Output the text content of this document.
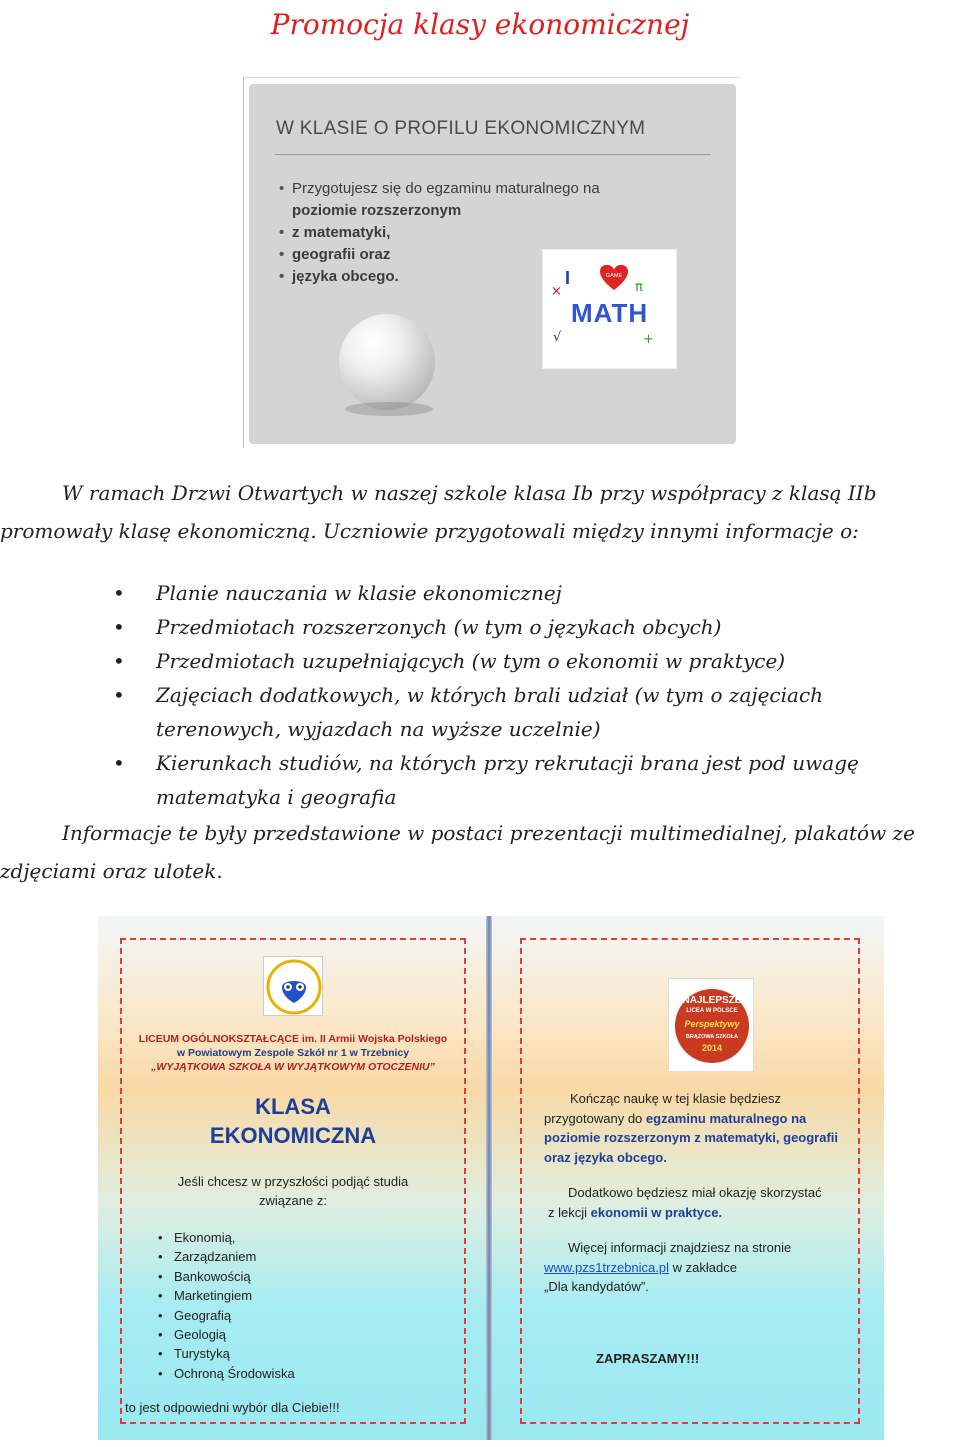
Promocja klasy ekonomicznej
W KLASIE O PROFILU EKONOMICZNYM
• Przygotujesz się do egzaminu maturalnego na
poziomie rozszerzonym
• z matematyki,
• geografii oraz
• języka obcego.	I	GAME
MATH
×	π
√	+
W ramach Drzwi Otwartych w naszej szkole klasa Ib przy współpracy z klasą IIb
promowały klasę ekonomiczną. Uczniowie przygotowali między innymi informacje o:
• Planie nauczania w klasie ekonomicznej
• Przedmiotach rozszerzonych (w tym o językach obcych)
• Przedmiotach uzupełniających (w tym o ekonomii w praktyce)
• Zajęciach dodatkowych, w których brali udział (w tym o zajęciach terenowych, wyjazdach na wyższe uczelnie)
• Kierunkach studiów, na których przy rekrutacji brana jest pod uwagę matematyka i geografia
Informacje te były przedstawione w postaci prezentacji multimedialnej, plakatów ze
zdjęciami oraz ulotek.
LICEUM OGÓLNOKSZTAŁCĄCE im. II Armii Wojska Polskiego
w Powiatowym Zespole Szkół nr 1 w Trzebnicy
„WYJĄTKOWA SZKOŁA W WYJĄTKOWYM OTOCZENIU”
KLASA
EKONOMICZNA
Jeśli chcesz w przyszłości podjąć studia
związane z:
• Ekonomią,
• Zarządzaniem
• Bankowością
• Marketingiem
• Geografią
• Geologią
• Turystyką
• Ochroną Środowiska
to jest odpowiedni wybór dla Ciebie!!!
NAJLEPSZE
LICEA W POLSCE
Perspektywy
BRĄZOWA SZKOŁA
2014
Kończąc naukę w tej klasie będziesz
przygotowany do egzaminu maturalnego na
poziomie rozszerzonym z matematyki, geografii
oraz języka obcego.
Dodatkowo będziesz miał okazję skorzystać
z lekcji ekonomii w praktyce.
Więcej informacji znajdziesz na stronie
www.pzs1trzebnica.pl w zakładce
„Dla kandydatów”.
ZAPRASZAMY!!!
